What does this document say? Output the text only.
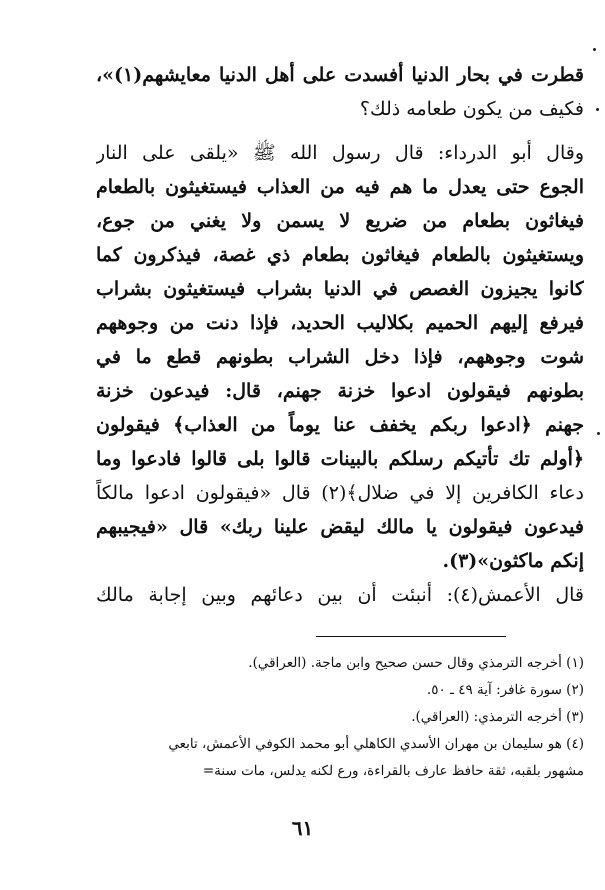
قطرت في بحار الدنيا أفسدت على أهل الدنيا معايشهم(١)»،
فكيف من يكون طعامه ذلك؟
وقال أبو الدرداء: قال رسول الله ﷺ «يلقى على النار
الجوع حتى يعدل ما هم فيه من العذاب فيستغيثون بالطعام
فيغاثون بطعام من ضريع لا يسمن ولا يغني من جوع،
ويستغيثون بالطعام فيغاثون بطعام ذي غصة، فيذكرون كما
كانوا يجيزون الغصص في الدنيا بشراب فيستغيثون بشراب
فيرفع إليهم الحميم بكلاليب الحديد، فإذا دنت من وجوههم
شوت وجوههم، فإذا دخل الشراب بطونهم قطع ما في
بطونهم فيقولون ادعوا خزنة جهنم، قال: فيدعون خزنة
جهنم ﴿ادعوا ربكم يخفف عنا يوماً من العذاب﴾ فيقولون
﴿أولم تك تأتيكم رسلكم بالبينات قالوا بلى قالوا فادعوا وما
دعاء الكافرين إلا في ضلال﴾(٢) قال «فيقولون ادعوا مالكاً
فيدعون فيقولون يا مالك ليقض علينا ربك» قال «فيجيبهم
إنكم ماكثون»(٣).
قال الأعمش(٤): أنبئت أن بين دعائهم وبين إجابة مالك
(١) أخرجه الترمذي وقال حسن صحيح وابن ماجة. (العراقي).
(٢) سورة غافر: آية ٤٩ ـ ٥٠.
(٣) أخرجه الترمذي: (العراقي).
(٤) هو سليمان بن مهران الأسدي الكاهلي أبو محمد الكوفي الأعمش، تابعي
مشهور بلقبه، ثقة حافظ عارف بالقراءة، ورع لكنه يدلس، مات سنة=
٦١
